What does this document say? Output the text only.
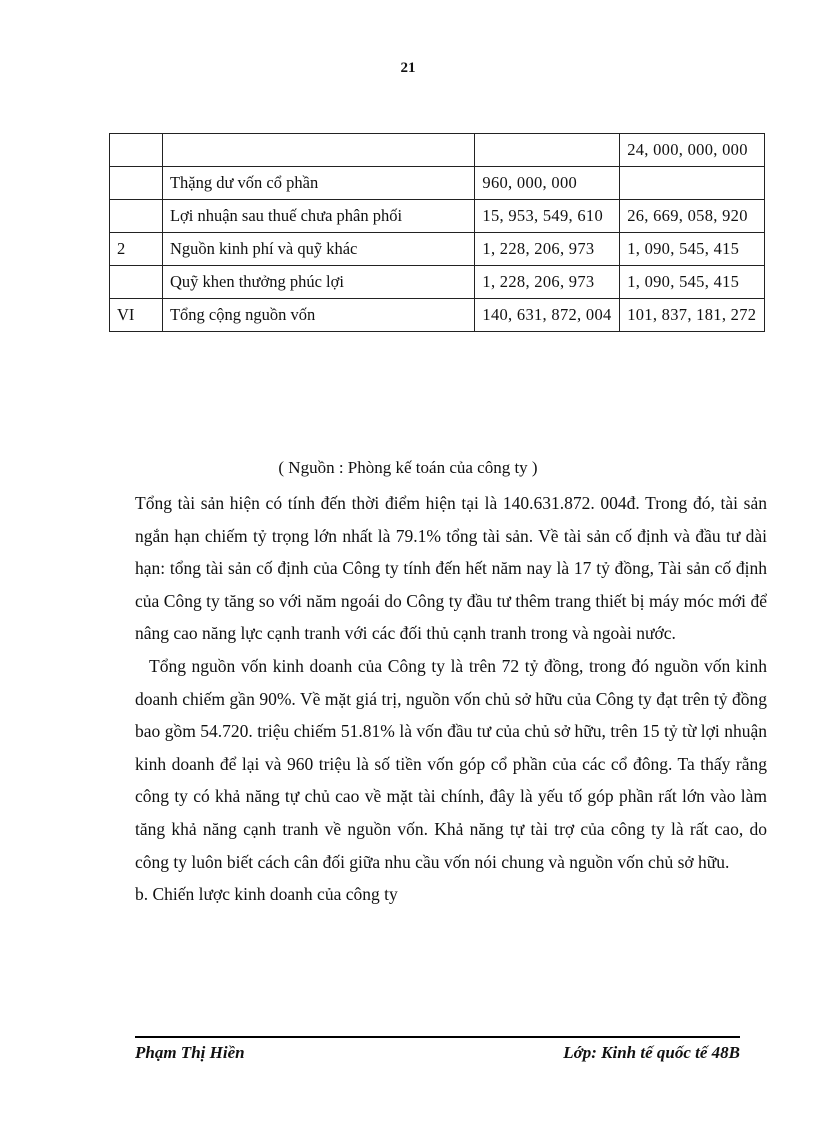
21
			24, 000, 000, 000
	Thặng dư vốn cổ phần	960, 000, 000	
	Lợi nhuận sau thuế chưa phân phối	15, 953, 549, 610	26, 669, 058, 920
2	Nguồn kinh phí và quỹ khác	1, 228, 206, 973	1, 090, 545, 415
	Quỹ khen thưởng phúc lợi	1, 228, 206, 973	1, 090, 545, 415
VI	Tổng cộng nguồn vốn	140, 631, 872, 004	101, 837, 181, 272
( Nguồn : Phòng kế toán của công ty )

Tổng tài sản hiện có tính đến thời điểm hiện tại là 140.631.872. 004đ. Trong đó, tài sản ngắn hạn chiếm tỷ trọng lớn nhất là 79.1% tổng tài sản. Về tài sản cố định và đầu tư dài hạn: tổng tài sản cố định của Công ty tính đến hết năm nay là 17 tỷ đồng, Tài sản cố định của Công ty tăng so với năm ngoái do Công ty đầu tư thêm trang thiết bị máy móc mới để nâng cao năng lực cạnh tranh với các đối thủ cạnh tranh trong và ngoài nước.

Tổng nguồn vốn kinh doanh của Công ty là trên 72 tỷ đồng, trong đó nguồn vốn kinh doanh chiếm gần 90%. Về mặt giá trị, nguồn vốn chủ sở hữu của Công ty đạt trên tỷ đồng bao gồm 54.720. triệu chiếm 51.81% là vốn đầu tư của chủ sở hữu, trên 15 tỷ từ lợi nhuận kinh doanh để lại và 960 triệu là số tiền vốn góp cổ phần của các cổ đông. Ta thấy rằng công ty có khả năng tự chủ cao về mặt tài chính, đây là yếu tố góp phần rất lớn vào làm tăng khả năng cạnh tranh về nguồn vốn. Khả năng tự tài trợ của công ty là rất cao, do công ty luôn biết cách cân đối giữa nhu cầu vốn nói chung và nguồn vốn chủ sở hữu.

b. Chiến lược kinh doanh của công ty

Phạm Thị Hiền	Lớp: Kinh tế quốc tế 48B
